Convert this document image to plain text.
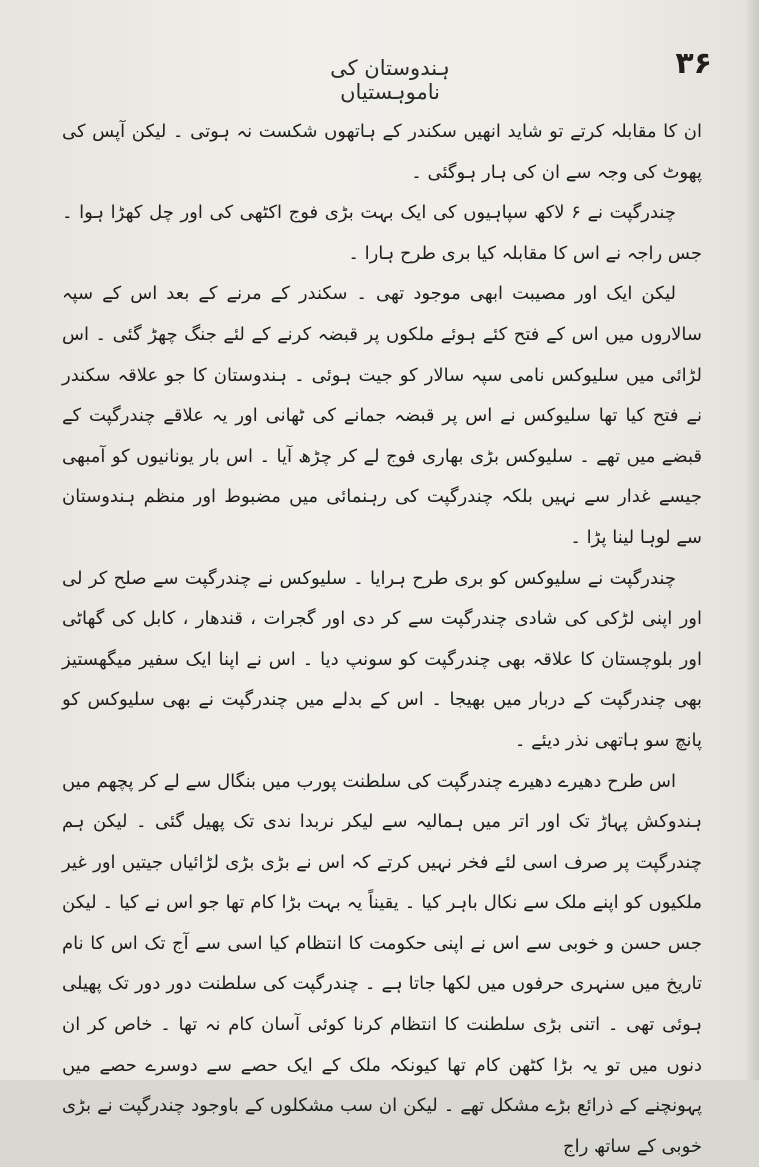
ہندوستان کی ناموہستیاں
۳۶

ان کا مقابلہ کرتے تو شاید انھیں سکندر کے ہاتھوں شکست نہ ہوتی ۔ لیکن آپس کی پھوٹ کی وجہ سے ان کی ہار ہوگئی ۔

چندرگپت نے ۶ لاکھ سپاہیوں کی ایک بہت بڑی فوج اکٹھی کی اور چل کھڑا ہوا ۔ جس راجہ نے اس کا مقابلہ کیا بری طرح ہارا ۔

لیکن ایک اور مصیبت ابھی موجود تھی ۔ سکندر کے مرنے کے بعد اس کے سپہ سالاروں میں اس کے فتح کئے ہوئے ملکوں پر قبضہ کرنے کے لئے جنگ چھڑ گئی ۔ اس لڑائی میں سلیوکس نامی سپہ سالار کو جیت ہوئی ۔ ہندوستان کا جو علاقہ سکندر نے فتح کیا تھا سلیوکس نے اس پر قبضہ جمانے کی ٹھانی اور یہ علاقے چندرگپت کے قبضے میں تھے ۔ سلیوکس بڑی بھاری فوج لے کر چڑھ آیا ۔ اس بار یونانیوں کو آمبھی جیسے غدار سے نہیں بلکہ چندرگپت کی رہنمائی میں مضبوط اور منظم ہندوستان سے لوہا لینا پڑا ۔

چندرگپت نے سلیوکس کو بری طرح ہرایا ۔ سلیوکس نے چندرگپت سے صلح کر لی اور اپنی لڑکی کی شادی چندرگپت سے کر دی اور گجرات ، قندھار ، کابل کی گھاٹی اور بلوچستان کا علاقہ بھی چندرگپت کو سونپ دیا ۔ اس نے اپنا ایک سفیر میگھستیز بھی چندرگپت کے دربار میں بھیجا ۔ اس کے بدلے میں چندرگپت نے بھی سلیوکس کو پانچ سو ہاتھی نذر دیئے ۔

اس طرح دھیرے دھیرے چندرگپت کی سلطنت پورب میں بنگال سے لے کر پچھم میں ہندوکش پہاڑ تک اور اتر میں ہمالیہ سے لیکر نربدا ندی تک پھیل گئی ۔ لیکن ہم چندرگپت پر صرف اسی لئے فخر نہیں کرتے کہ اس نے بڑی بڑی لڑائیاں جیتیں اور غیر ملکیوں کو اپنے ملک سے نکال باہر کیا ۔ یقیناً یہ بہت بڑا کام تھا جو اس نے کیا ۔ لیکن جس حسن و خوبی سے اس نے اپنی حکومت کا انتظام کیا اسی سے آج تک اس کا نام تاریخ میں سنہری حرفوں میں لکھا جاتا ہے ۔ چندرگپت کی سلطنت دور دور تک پھیلی ہوئی تھی ۔ اتنی بڑی سلطنت کا انتظام کرنا کوئی آسان کام نہ تھا ۔ خاص کر ان دنوں میں تو یہ بڑا کٹھن کام تھا کیونکہ ملک کے ایک حصے سے دوسرے حصے میں پہونچنے کے ذرائع بڑے مشکل تھے ۔ لیکن ان سب مشکلوں کے باوجود چندرگپت نے بڑی خوبی کے ساتھ راج
